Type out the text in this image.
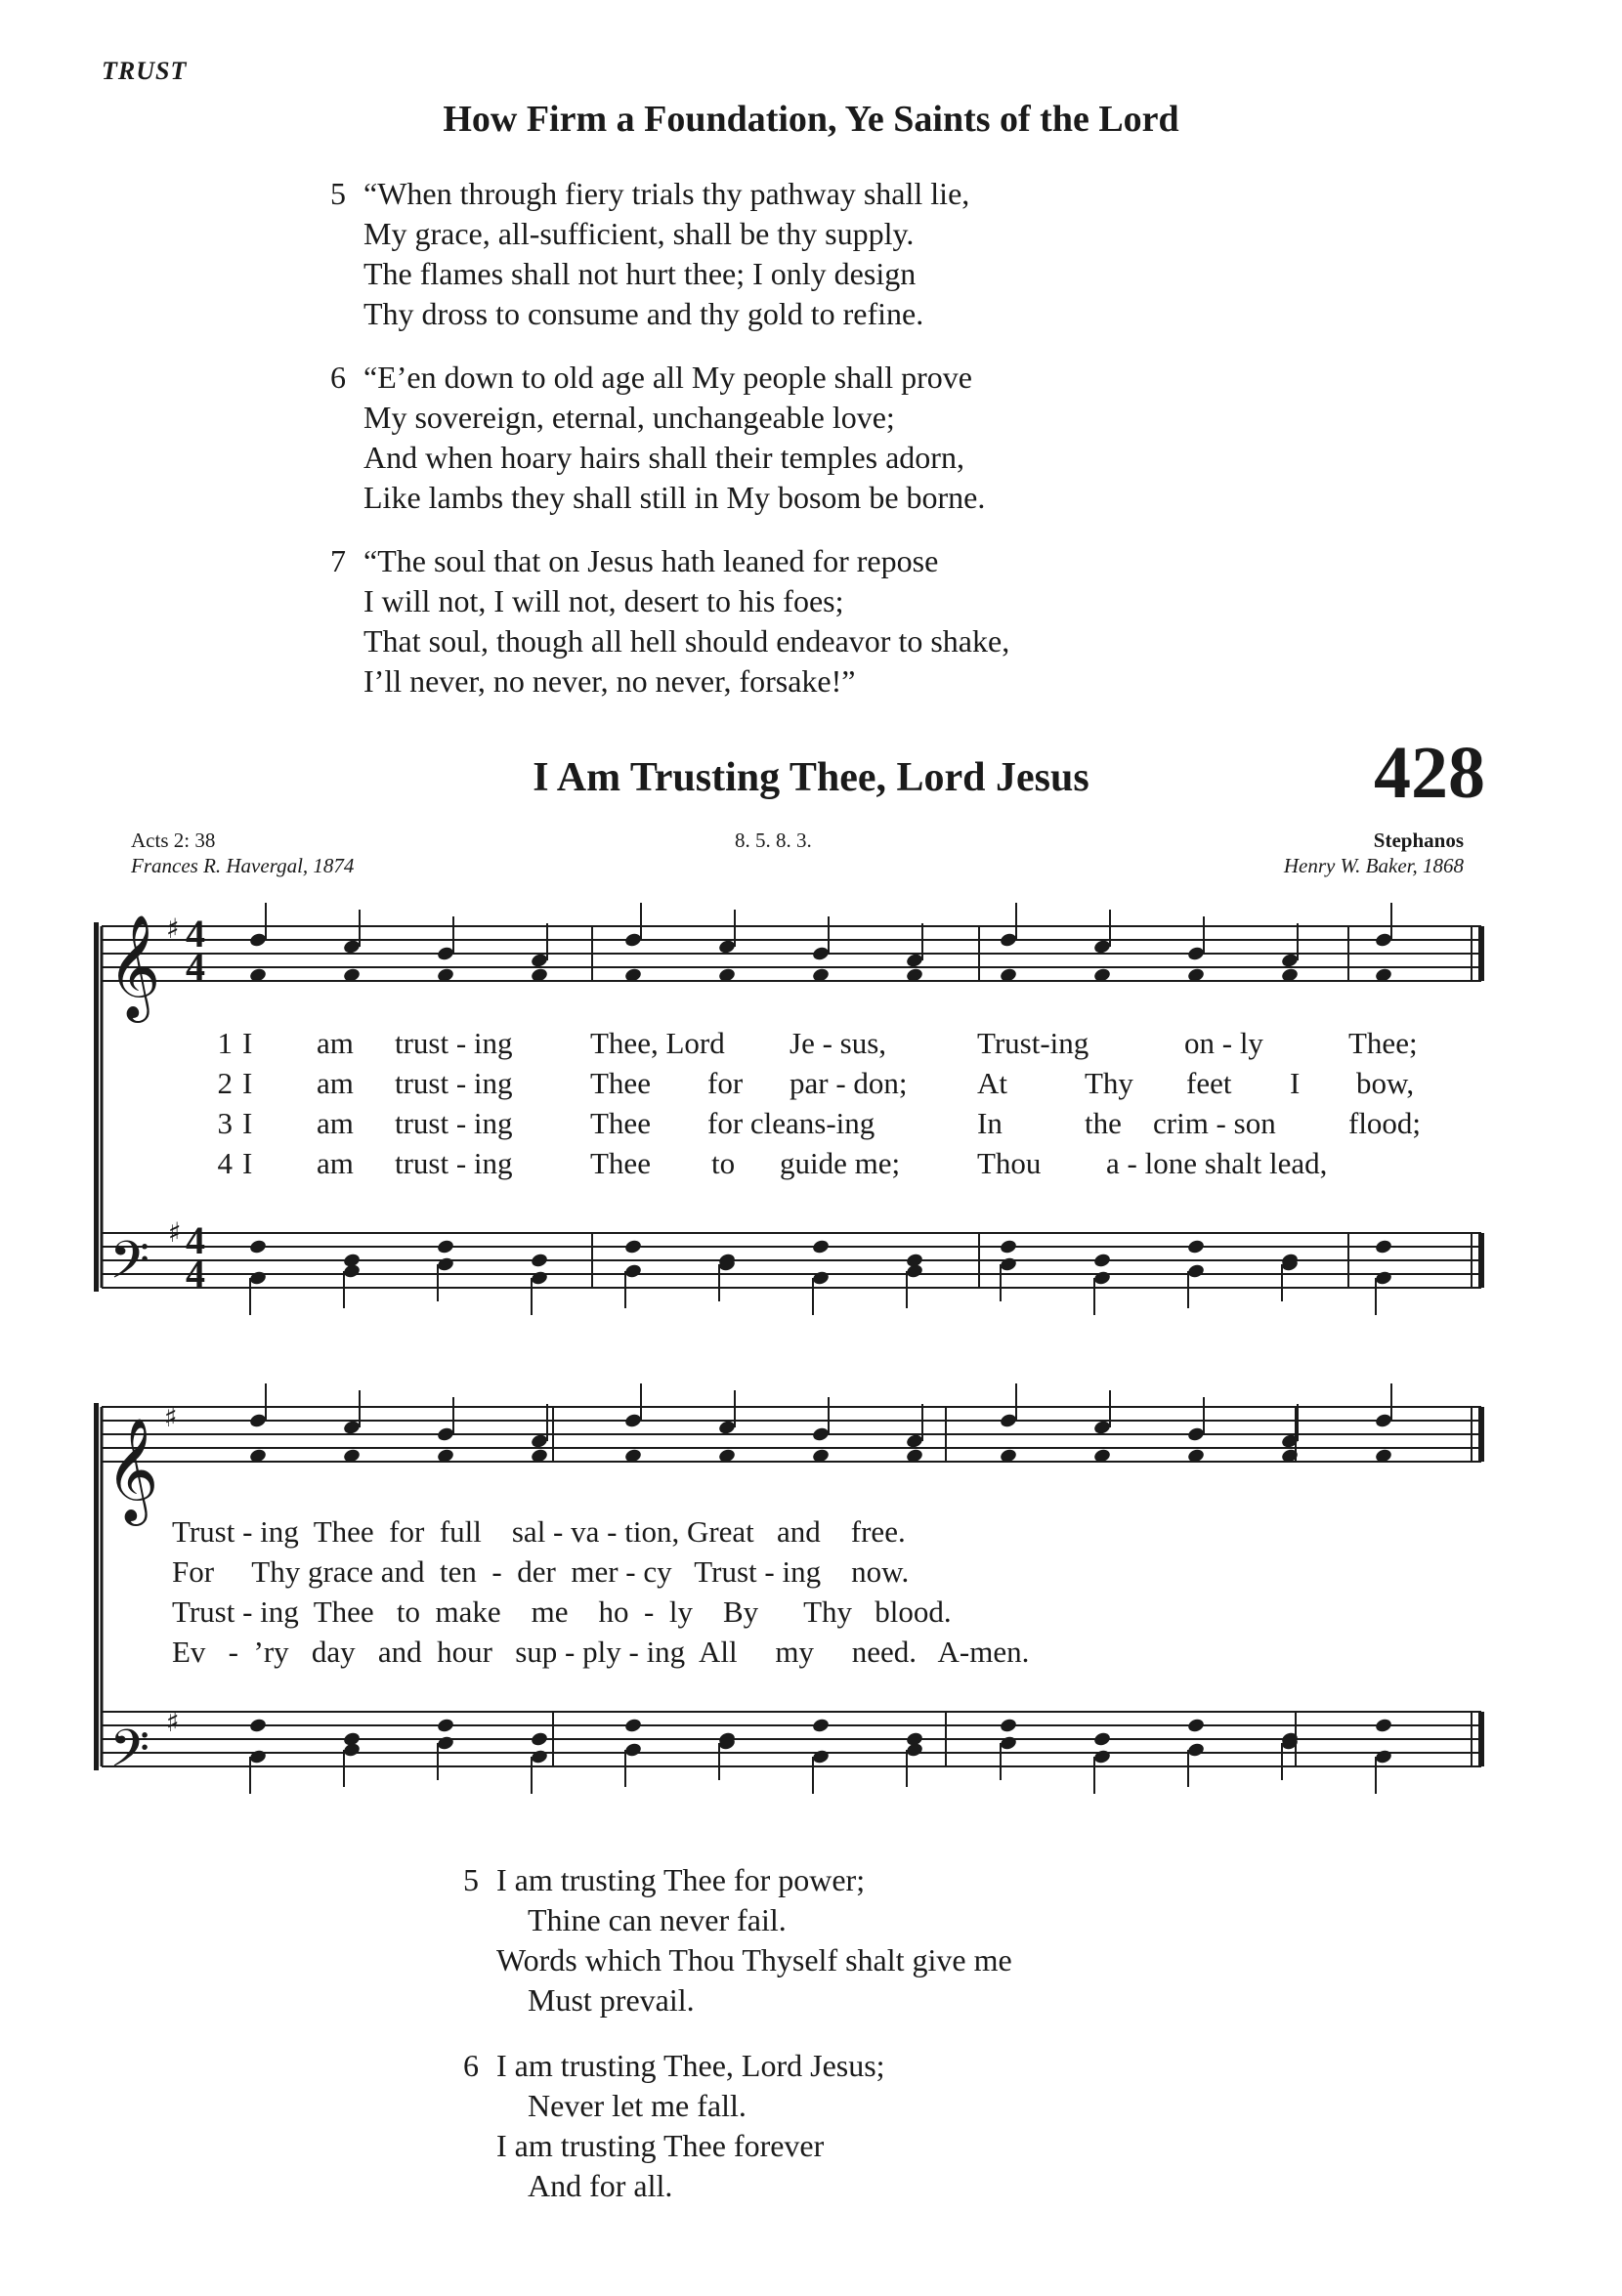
TRUST
How Firm a Foundation, Ye Saints of the Lord
5 “When through fiery trials thy pathway shall lie,
My grace, all-sufficient, shall be thy supply.
The flames shall not hurt thee; I only design
Thy dross to consume and thy gold to refine.
6 “E’en down to old age all My people shall prove
My sovereign, eternal, unchangeable love;
And when hoary hairs shall their temples adorn,
Like lambs they shall still in My bosom be borne.
7 “The soul that on Jesus hath leaned for repose
I will not, I will not, desert to his foes;
That soul, though all hell should endeavor to shake,
I’ll never, no never, no never, forsake!”
I Am Trusting Thee, Lord Jesus	428
Acts 2: 38
Frances R. Havergal, 1874
8. 5. 8. 3.	Stephanos
Henry W. Baker, 1868
𝄞
𝄞
𝄢
𝄢
4
4
4
4
♯
♯
♯
♯
1
2
3
4
I am trust - ing	Thee, Lord Je - sus,	Trust-ing	on - ly	Thee;
I am trust - ing	Thee for par - don; At	Thy feet I bow,
I am trust - ing	Thee for cleans-ing	In	the crim - son flood;
I am trust - ing	Thee to guide me;	Thou a - lone shalt lead,
Trust - ing  Thee  for  full    sal - va - tion, Great   and    free.
For     Thy grace and  ten  -  der  mer - cy   Trust - ing    now.
Trust - ing  Thee   to  make    me    ho  -  ly    By      Thy   blood.
Ev   -  ’ry   day   and  hour   sup - ply - ing  All     my     need.   A-men.
5 I am trusting Thee for power;
Thine can never fail.
Words which Thou Thyself shalt give me
Must prevail.
6 I am trusting Thee, Lord Jesus;
Never let me fall.
I am trusting Thee forever
And for all.
